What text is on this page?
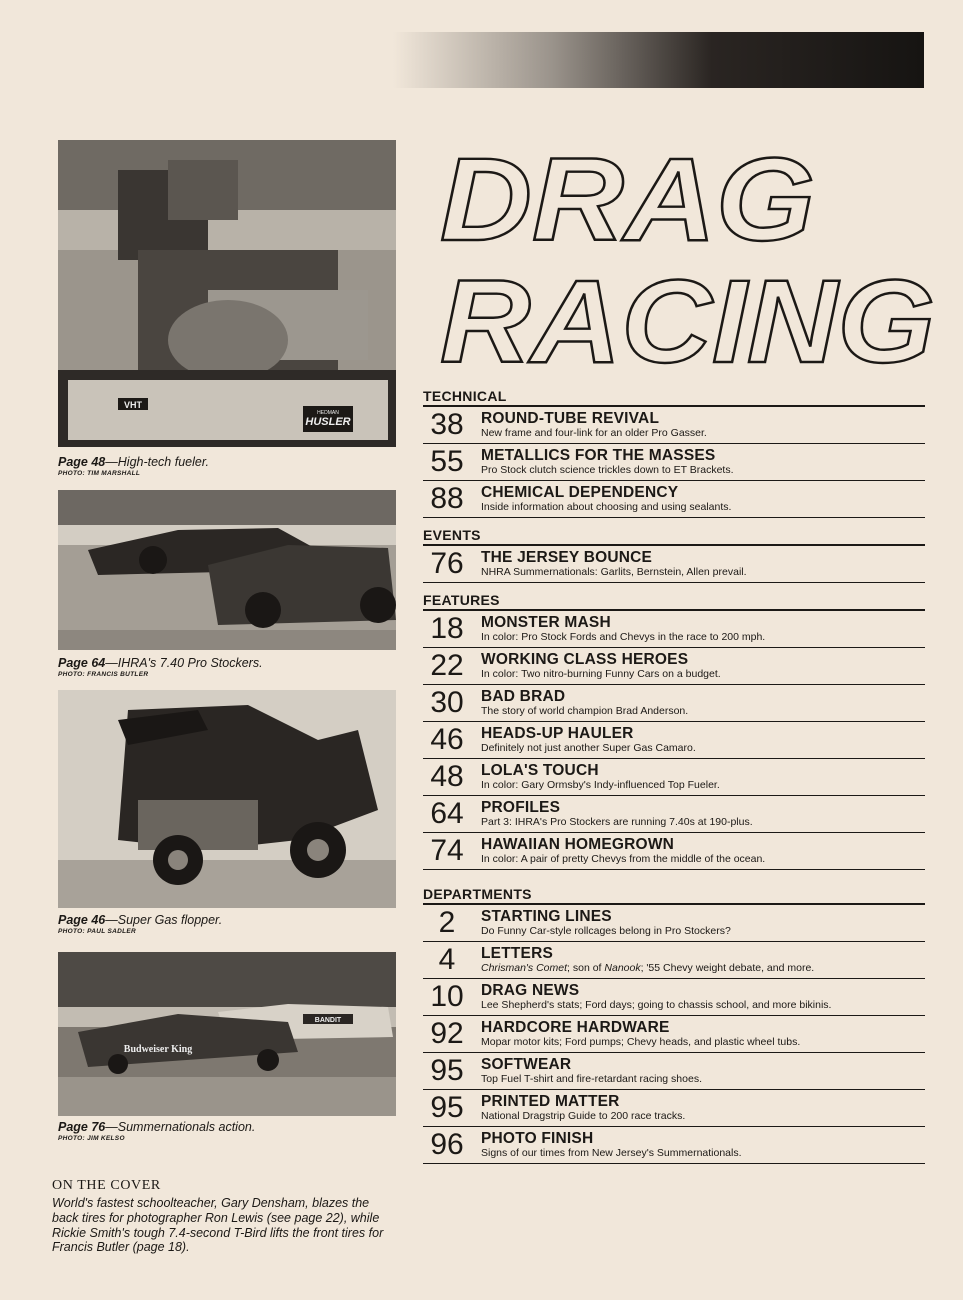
VHT
HUSLER
HEDMAN
Page 48—High-tech fueler.
PHOTO: TIM MARSHALL
Page 64—IHRA's 7.40 Pro Stockers.
PHOTO: FRANCIS BUTLER
Page 46—Super Gas flopper.
PHOTO: PAUL SADLER
BANDIT
Budweiser King
Page 76—Summernationals action.
PHOTO: JIM KELSO
ON THE COVER
World's fastest schoolteacher, Gary Densham, blazes the back tires for photographer Ron Lewis (see page 22), while Rickie Smith's tough 7.4-second T-Bird lifts the front tires for Francis Butler (page 18).
DRAG
RACING
TECHNICAL
38	ROUND-TUBE REVIVAL
New frame and four-link for an older Pro Gasser.
55	METALLICS FOR THE MASSES
Pro Stock clutch science trickles down to ET Brackets.
88	CHEMICAL DEPENDENCY
Inside information about choosing and using sealants.
EVENTS
76	THE JERSEY BOUNCE
NHRA Summernationals: Garlits, Bernstein, Allen prevail.
FEATURES
18	MONSTER MASH
In color: Pro Stock Fords and Chevys in the race to 200 mph.
22	WORKING CLASS HEROES
In color: Two nitro-burning Funny Cars on a budget.
30	BAD BRAD
The story of world champion Brad Anderson.
46	HEADS-UP HAULER
Definitely not just another Super Gas Camaro.
48	LOLA'S TOUCH
In color: Gary Ormsby's Indy-influenced Top Fueler.
64	PROFILES
Part 3: IHRA's Pro Stockers are running 7.40s at 190-plus.
74	HAWAIIAN HOMEGROWN
In color: A pair of pretty Chevys from the middle of the ocean.
DEPARTMENTS
2	STARTING LINES
Do Funny Car-style rollcages belong in Pro Stockers?
4	LETTERS
Chrisman's Comet; son of Nanook; '55 Chevy weight debate, and more.
10	DRAG NEWS
Lee Shepherd's stats; Ford days; going to chassis school, and more bikinis.
92	HARDCORE HARDWARE
Mopar motor kits; Ford pumps; Chevy heads, and plastic wheel tubs.
95	SOFTWEAR
Top Fuel T-shirt and fire-retardant racing shoes.
95	PRINTED MATTER
National Dragstrip Guide to 200 race tracks.
96	PHOTO FINISH
Signs of our times from New Jersey's Summernationals.
